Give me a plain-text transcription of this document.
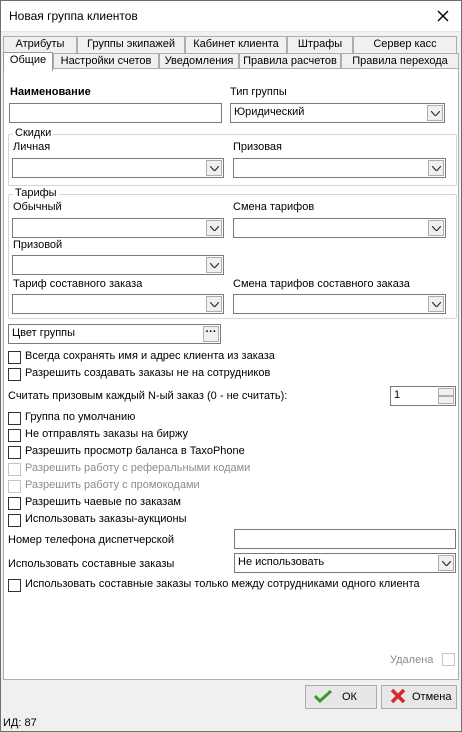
Новая группа клиентов
Атрибуты	Группы экипажей	Кабинет клиента	Штрафы	Сервер касс
Общие	Настройки счетов	Уведомления Правила расчетов	Правила перехода
Наименование	Тип группы
Юридический
Скидки
Личная	Призовая
Тарифы
Обычный	Смена тарифов
Призовой
Тариф составного заказа	Смена тарифов составного заказа
Цвет группы	···
Всегда сохранять имя и адрес клиента из заказа
Разрешить создавать заказы не на сотрудников
Считать призовым каждый N-ый заказ (0 - не считать):	1
Группа по умолчанию
Не отправлять заказы на биржу
Разрешить просмотр баланса в TaxoPhone
Разрешить работу с реферальными кодами
Разрешить работу с промокодами
Разрешить чаевые по заказам
Использовать заказы-аукционы
Номер телефона диспетчерской
Использовать составные заказы	Не использовать
Использовать составные заказы только между сотрудниками одного клиента
Удалена
ОК	Отмена
ИД: 87
